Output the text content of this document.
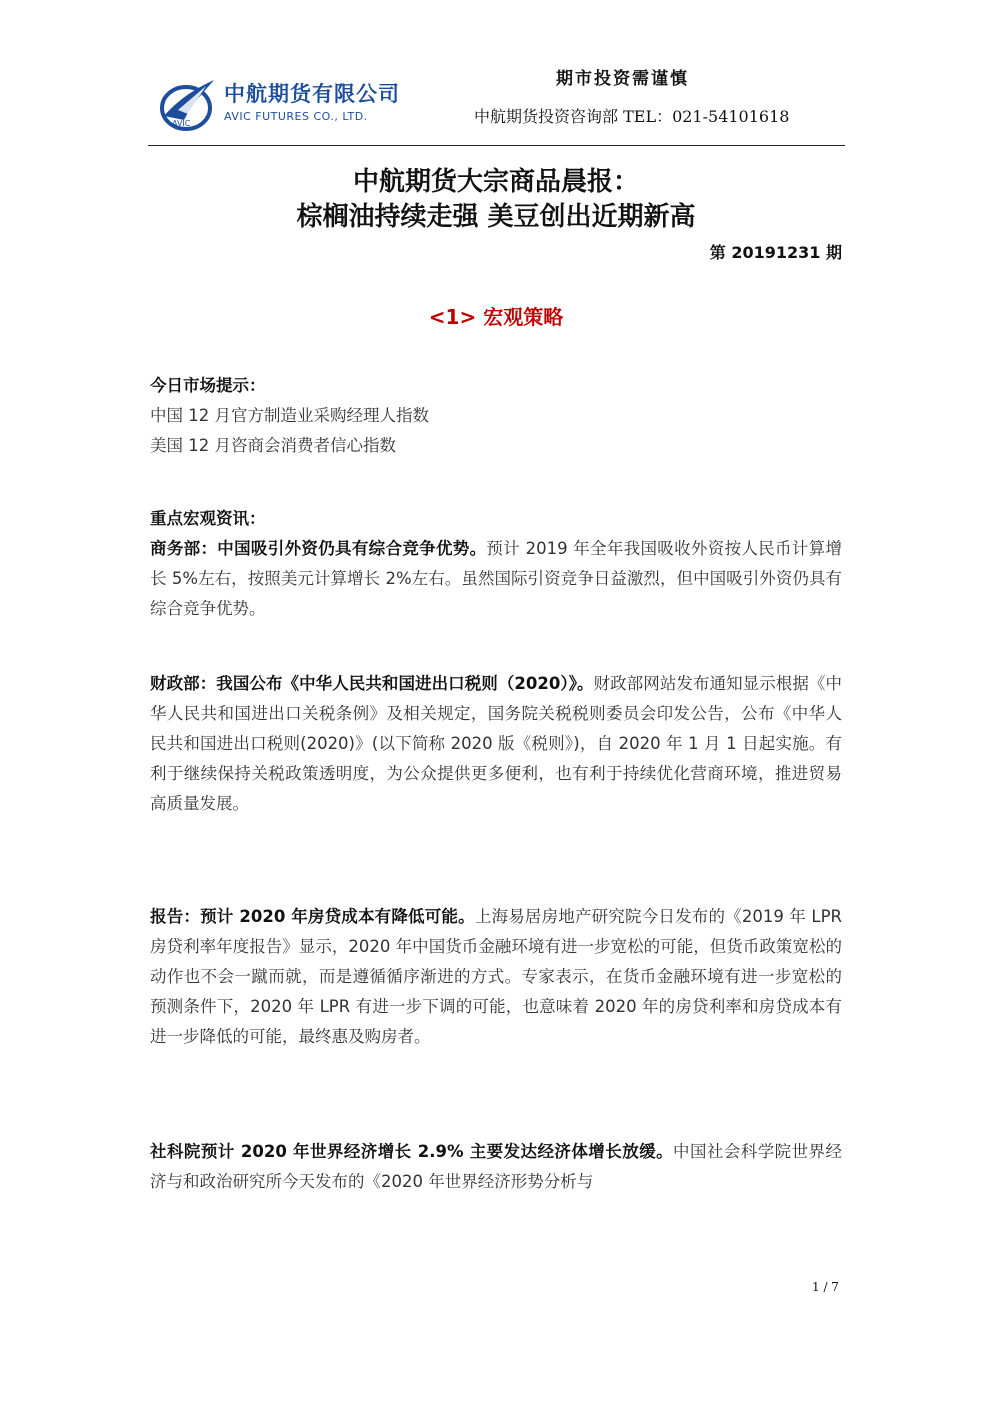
AVIC
中航期货有限公司
AVIC FUTURES CO., LTD.
期市投资需谨慎
中航期货投资咨询部 TEL：021-54101618
中航期货大宗商品晨报：
棕榈油持续走强 美豆创出近期新高
第 20191231 期
<1> 宏观策略
今日市场提示：
中国 12 月官方制造业采购经理人指数
美国 12 月咨商会消费者信心指数
重点宏观资讯：
商务部：中国吸引外资仍具有综合竞争优势。预计 2019 年全年我国吸收外资按人民币计算增长 5%左右，按照美元计算增长 2%左右。虽然国际引资竞争日益激烈，但中国吸引外资仍具有综合竞争优势。
财政部：我国公布《中华人民共和国进出口税则（2020）》。财政部网站发布通知显示根据《中华人民共和国进出口关税条例》及相关规定，国务院关税税则委员会印发公告，公布《中华人民共和国进出口税则(2020)》(以下简称 2020 版《税则》)，自 2020 年 1 月 1 日起实施。有利于继续保持关税政策透明度，为公众提供更多便利，也有利于持续优化营商环境，推进贸易高质量发展。
报告：预计 2020 年房贷成本有降低可能。上海易居房地产研究院今日发布的《2019 年 LPR 房贷利率年度报告》显示，2020 年中国货币金融环境有进一步宽松的可能，但货币政策宽松的动作也不会一蹴而就，而是遵循循序渐进的方式。专家表示，在货币金融环境有进一步宽松的预测条件下，2020 年 LPR 有进一步下调的可能，也意味着 2020 年的房贷利率和房贷成本有进一步降低的可能，最终惠及购房者。
社科院预计 2020 年世界经济增长 2.9% 主要发达经济体增长放缓。中国社会科学院世界经济与和政治研究所今天发布的《2020 年世界经济形势分析与
1 / 7
